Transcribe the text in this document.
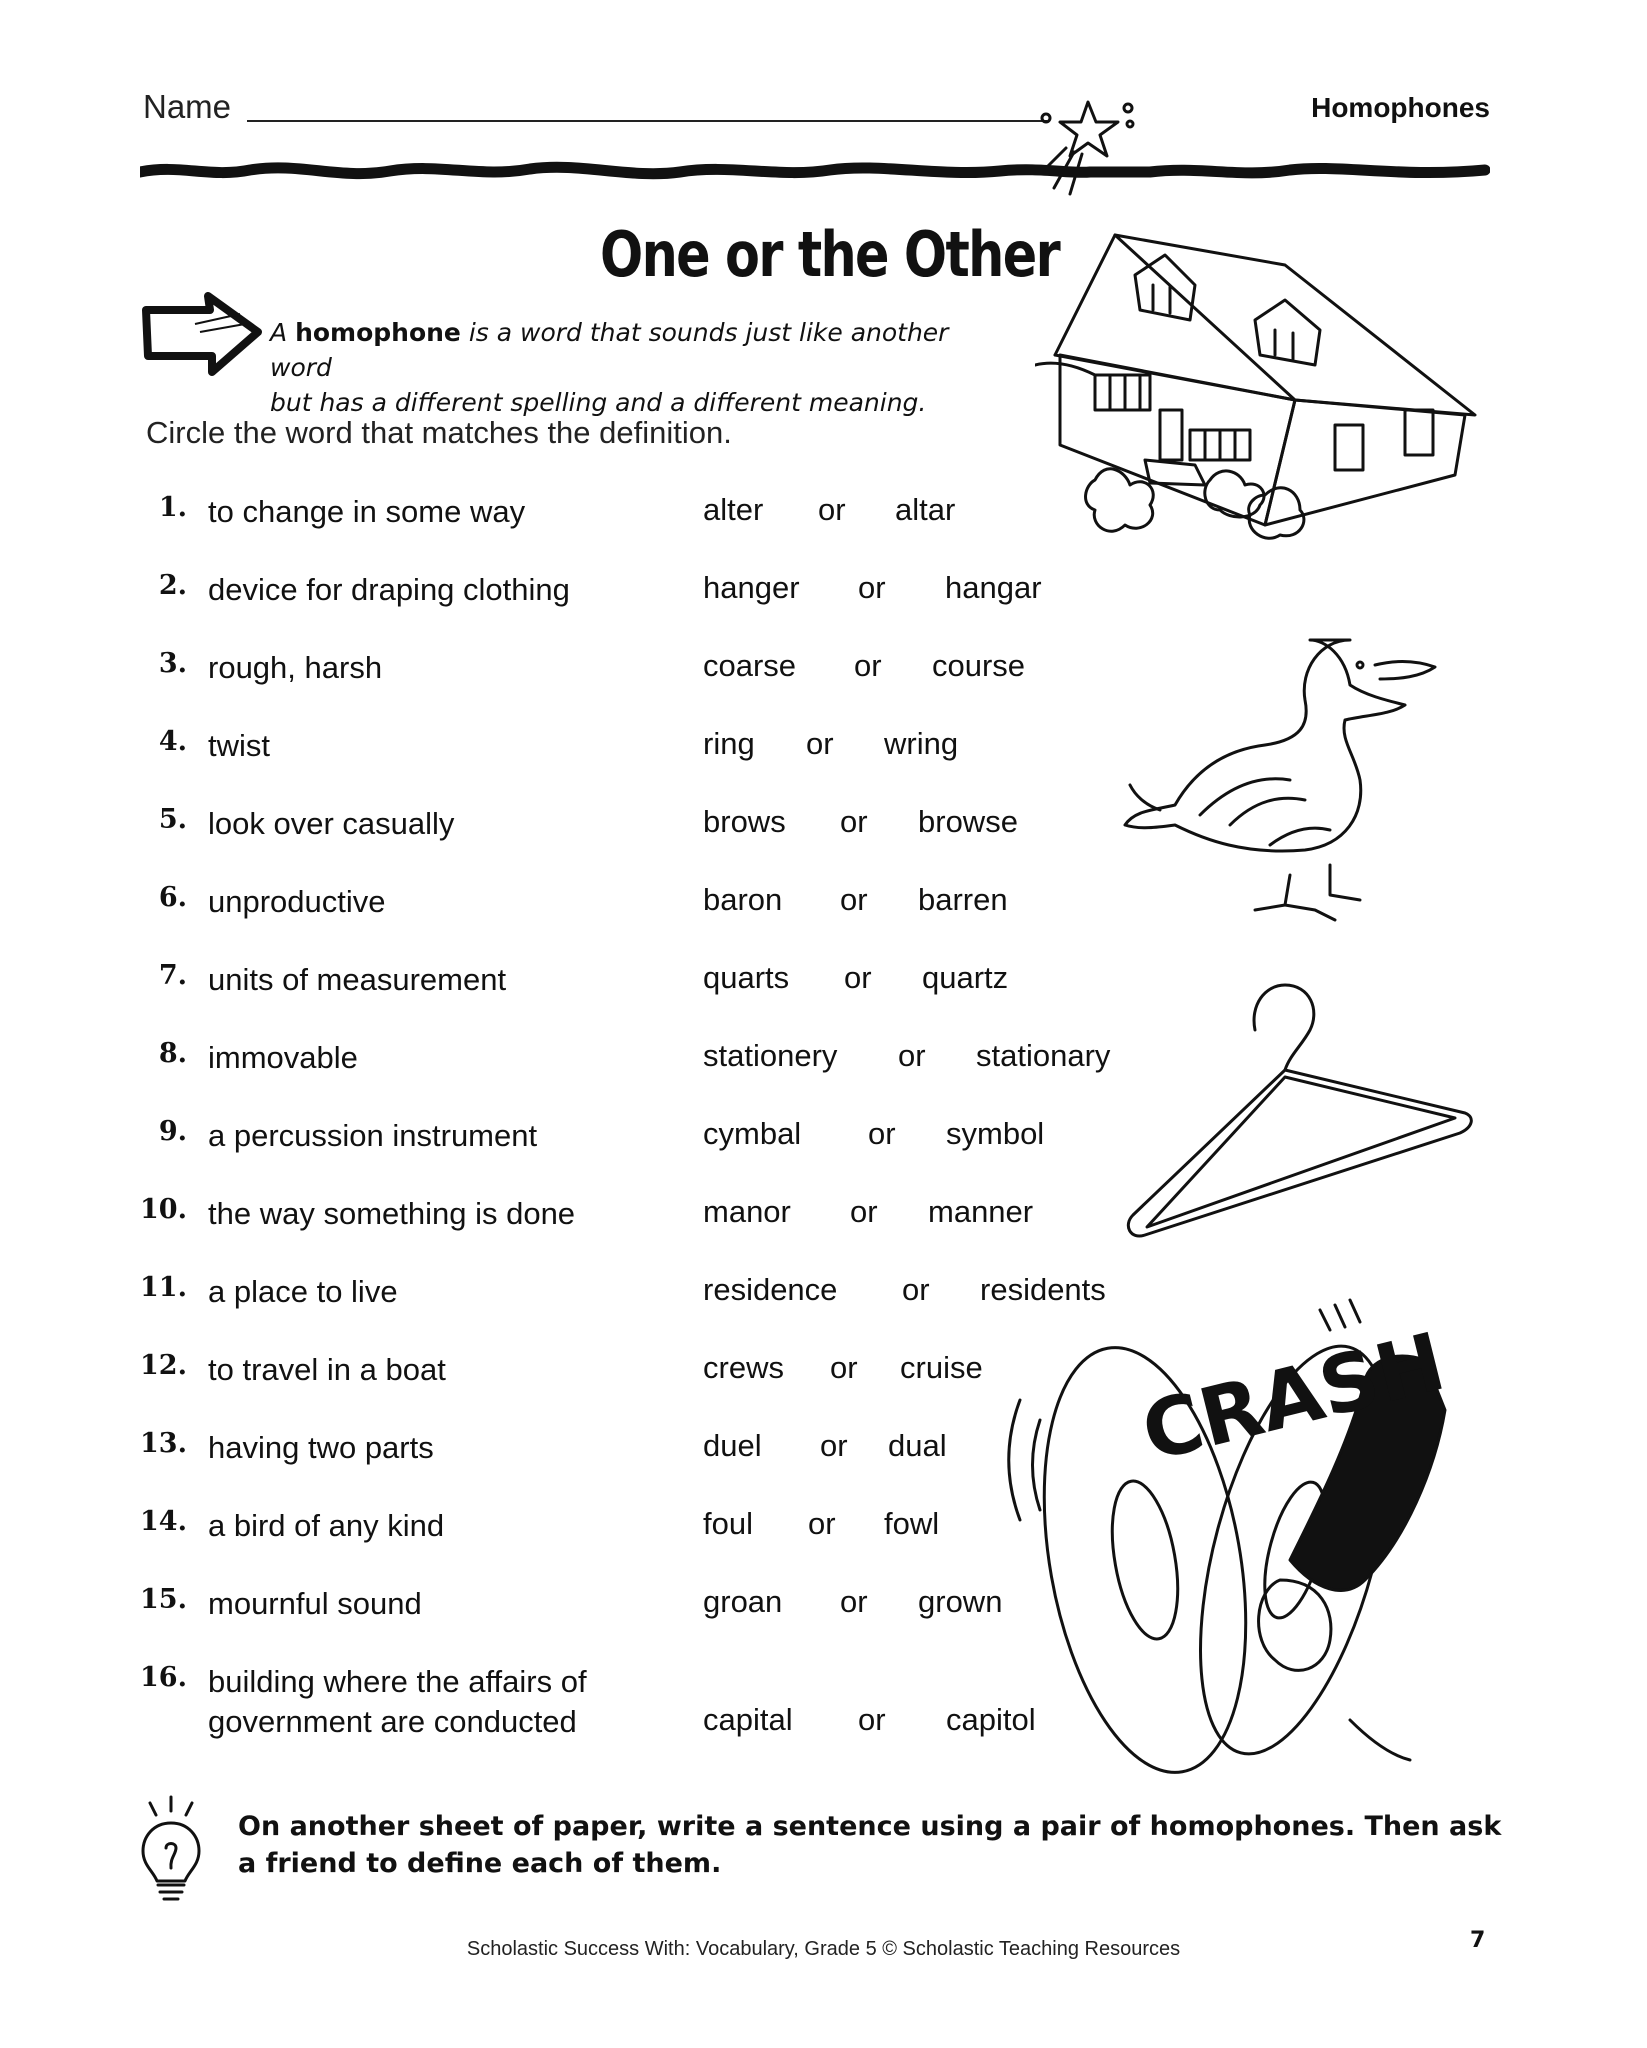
Name	Homophones
One or the Other
A homophone is a word that sounds just like another word
but has a different spelling and a different meaning.
Circle the word that matches the definition.
1. to change in some way	alter or altar
2. device for draping clothing	hanger or hangar
3. rough, harsh	coarse or course
4. twist	ring or wring
5. look over casually	brows or browse
6. unproductive	baron or barren
7. units of measurement	quarts or quartz
8. immovable	stationery or stationary
9. a percussion instrument	cymbal or symbol
10. the way something is done	manor or manner
11. a place to live	residence or residents
12. to travel in a boat	crews or cruise
13. having two parts	duel or dual
14. a bird of any kind	foul or fowl
15. mournful sound	groan or grown
16. building where the affairs of
government are conducted	capital or capitol
CRASH
On another sheet of paper, write a sentence using a pair of homophones. Then ask a friend to define each of them.
Scholastic Success With: Vocabulary, Grade 5 © Scholastic Teaching Resources	7
